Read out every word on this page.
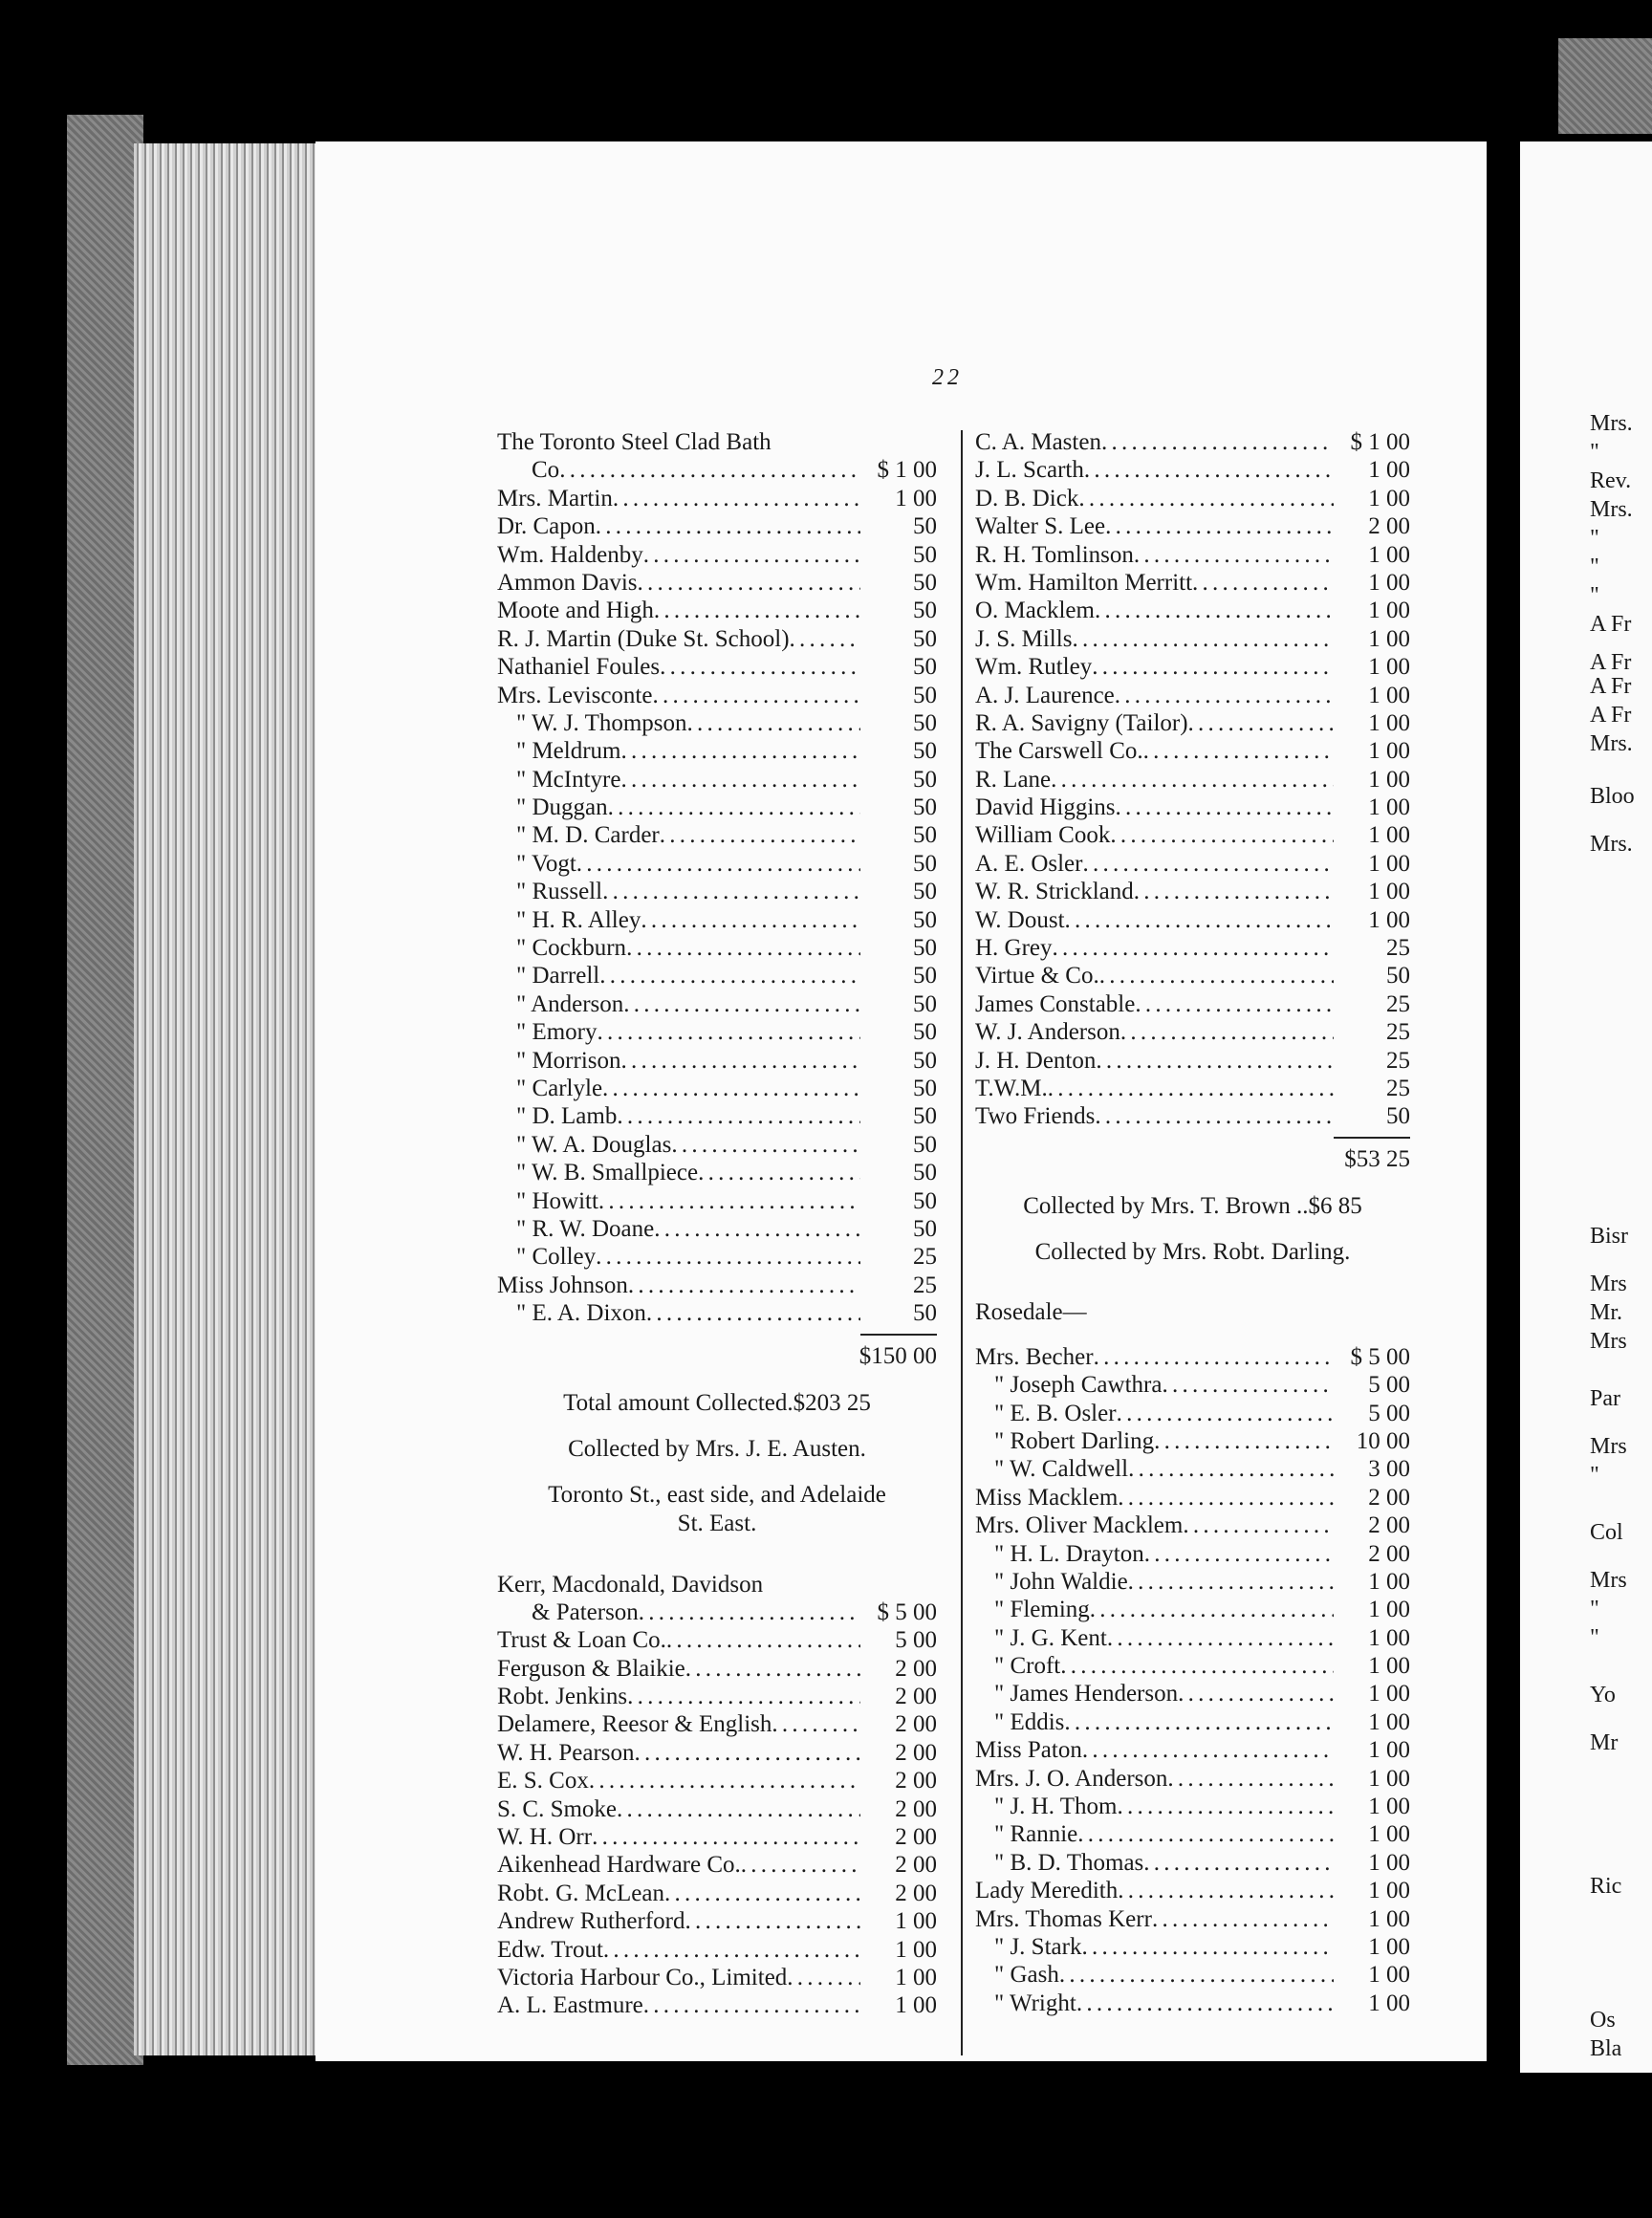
22
The Toronto Steel Clad Bath
Co . . .	$ 1 00
Mrs. Martin . . .	1 00
Dr. Capon . . .	50
Wm. Haldenby . . .	50
Ammon Davis . . .	50
Moote and High . . .	50
R. J. Martin (Duke St. School) . . .	50
Nathaniel Foules . . .	50
Mrs. Levisconte . . .	50
" W. J. Thompson . . .	50
" Meldrum . . .	50
" McIntyre . . .	50
" Duggan . . .	50
" M. D. Carder . . .	50
" Vogt . . .	50
" Russell . . .	50
" H. R. Alley . . .	50
" Cockburn . . .	50
" Darrell . . .	50
" Anderson . . .	50
" Emory . . .	50
" Morrison . . .	50
" Carlyle . . .	50
" D. Lamb . . .	50
" W. A. Douglas . . .	50
" W. B. Smallpiece . . .	50
" Howitt . . .	50
" R. W. Doane . . .	50
" Colley . . .	25
Miss Johnson . . .	25
" E. A. Dixon . . .	50
$150 00
Total amount Collected.$203 25
Collected by Mrs. J. E. Austen.
Toronto St., east side, and Adelaide
St. East.
Kerr, Macdonald, Davidson
& Paterson . . .	$ 5 00
Trust & Loan Co. . . .	5 00
Ferguson & Blaikie . . .	2 00
Robt. Jenkins . . .	2 00
Delamere, Reesor & English . . .	2 00
W. H. Pearson . . .	2 00
E. S. Cox . . .	2 00
S. C. Smoke . . .	2 00
W. H. Orr . . .	2 00
Aikenhead Hardware Co. . . .	2 00
Robt. G. McLean . . .	2 00
Andrew Rutherford . . .	1 00
Edw. Trout . . .	1 00
Victoria Harbour Co., Limited . . .	1 00
A. L. Eastmure . . .	1 00
C. A. Masten . . .	$ 1 00
J. L. Scarth . . .	1 00
D. B. Dick . . .	1 00
Walter S. Lee . . .	2 00
R. H. Tomlinson . . .	1 00
Wm. Hamilton Merritt . . .	1 00
O. Macklem . . .	1 00
J. S. Mills . . .	1 00
Wm. Rutley . . .	1 00
A. J. Laurence . . .	1 00
R. A. Savigny (Tailor) . . .	1 00
The Carswell Co. . . .	1 00
R. Lane . . .	1 00
David Higgins . . .	1 00
William Cook . . .	1 00
A. E. Osler . . .	1 00
W. R. Strickland . . .	1 00
W. Doust . . .	1 00
H. Grey . . .	25
Virtue & Co. . . .	50
James Constable . . .	25
W. J. Anderson . . .	25
J. H. Denton . . .	25
T.W.M. . . .	25
Two Friends . . .	50
$53 25
Collected by Mrs. T. Brown ..$6 85
Collected by Mrs. Robt. Darling.
Rosedale—
Mrs. Becher . . .	$ 5 00
" Joseph Cawthra . . .	5 00
" E. B. Osler . . .	5 00
" Robert Darling . . .	10 00
" W. Caldwell . . .	3 00
Miss Macklem . . .	2 00
Mrs. Oliver Macklem . . .	2 00
" H. L. Drayton . . .	2 00
" John Waldie . . .	1 00
" Fleming . . .	1 00
" J. G. Kent . . .	1 00
" Croft . . .	1 00
" James Henderson . . .	1 00
" Eddis . . .	1 00
Miss Paton . . .	1 00
Mrs. J. O. Anderson . . .	1 00
" J. H. Thom . . .	1 00
" Rannie . . .	1 00
" B. D. Thomas . . .	1 00
Lady Meredith . . .	1 00
Mrs. Thomas Kerr . . .	1 00
" J. Stark . . .	1 00
" Gash . . .	1 00
" Wright . . .	1 00
Mrs.
"
Rev.
Mrs.
"
"
"
A Fr
A Fr
A Fr
A Fr
Mrs.
Bloo
Mrs.
Bisr
Mrs
Mr.
Mrs
Par
Mrs
"
Col
Mrs
"
"
Yo
Mr
Ric
Os
Bla
